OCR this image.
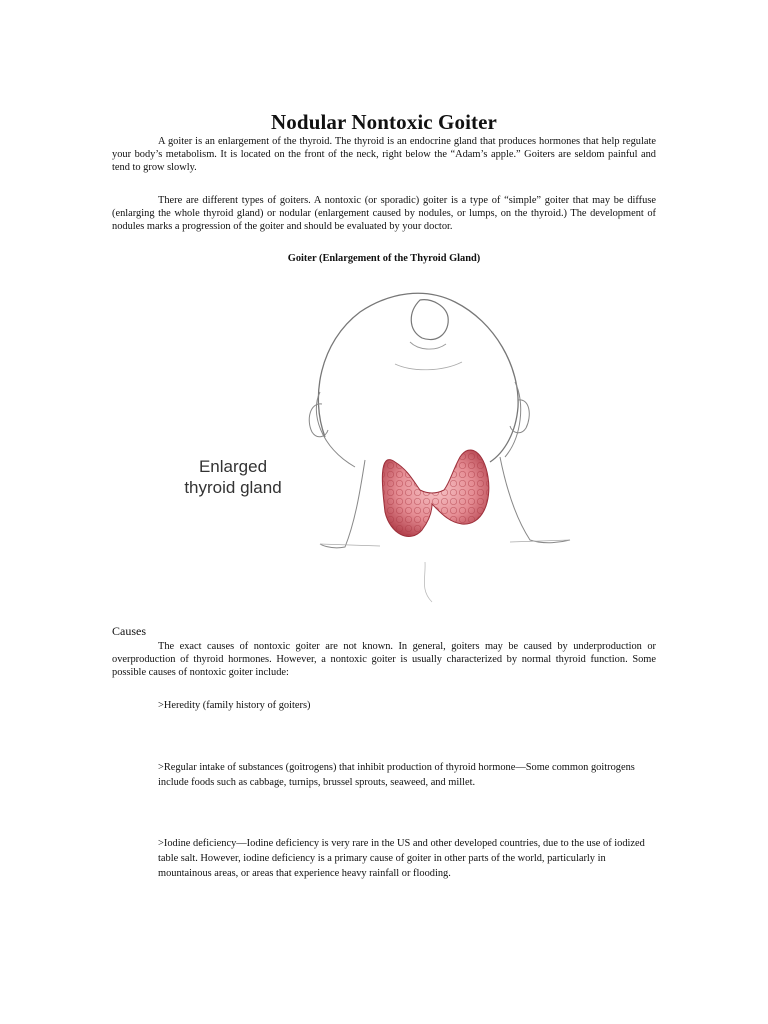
Nodular Nontoxic Goiter
A goiter is an enlargement of the thyroid. The thyroid is an endocrine gland that produces hormones that help regulate your body’s metabolism. It is located on the front of the neck, right below the “Adam’s apple.” Goiters are seldom painful and tend to grow slowly.
There are different types of goiters. A nontoxic (or sporadic) goiter is a type of “simple” goiter that may be diffuse (enlarging the whole thyroid gland) or nodular (enlargement caused by nodules, or lumps, on the thyroid.) The development of nodules marks a progression of the goiter and should be evaluated by your doctor.
Goiter (Enlargement of the Thyroid Gland)
Enlarged
thyroid gland
Causes
The exact causes of nontoxic goiter are not known. In general, goiters may be caused by underproduction or overproduction of thyroid hormones. However, a nontoxic goiter is usually characterized by normal thyroid function. Some possible causes of nontoxic goiter include:
>Heredity (family history of goiters)
>Regular intake of substances (goitrogens) that inhibit production of thyroid hormone—Some common goitrogens include foods such as cabbage, turnips, brussel sprouts, seaweed, and millet.
>Iodine deficiency—Iodine deficiency is very rare in the US and other developed countries, due to the use of iodized table salt. However, iodine deficiency is a primary cause of goiter in other parts of the world, particularly in mountainous areas, or areas that experience heavy rainfall or flooding.
